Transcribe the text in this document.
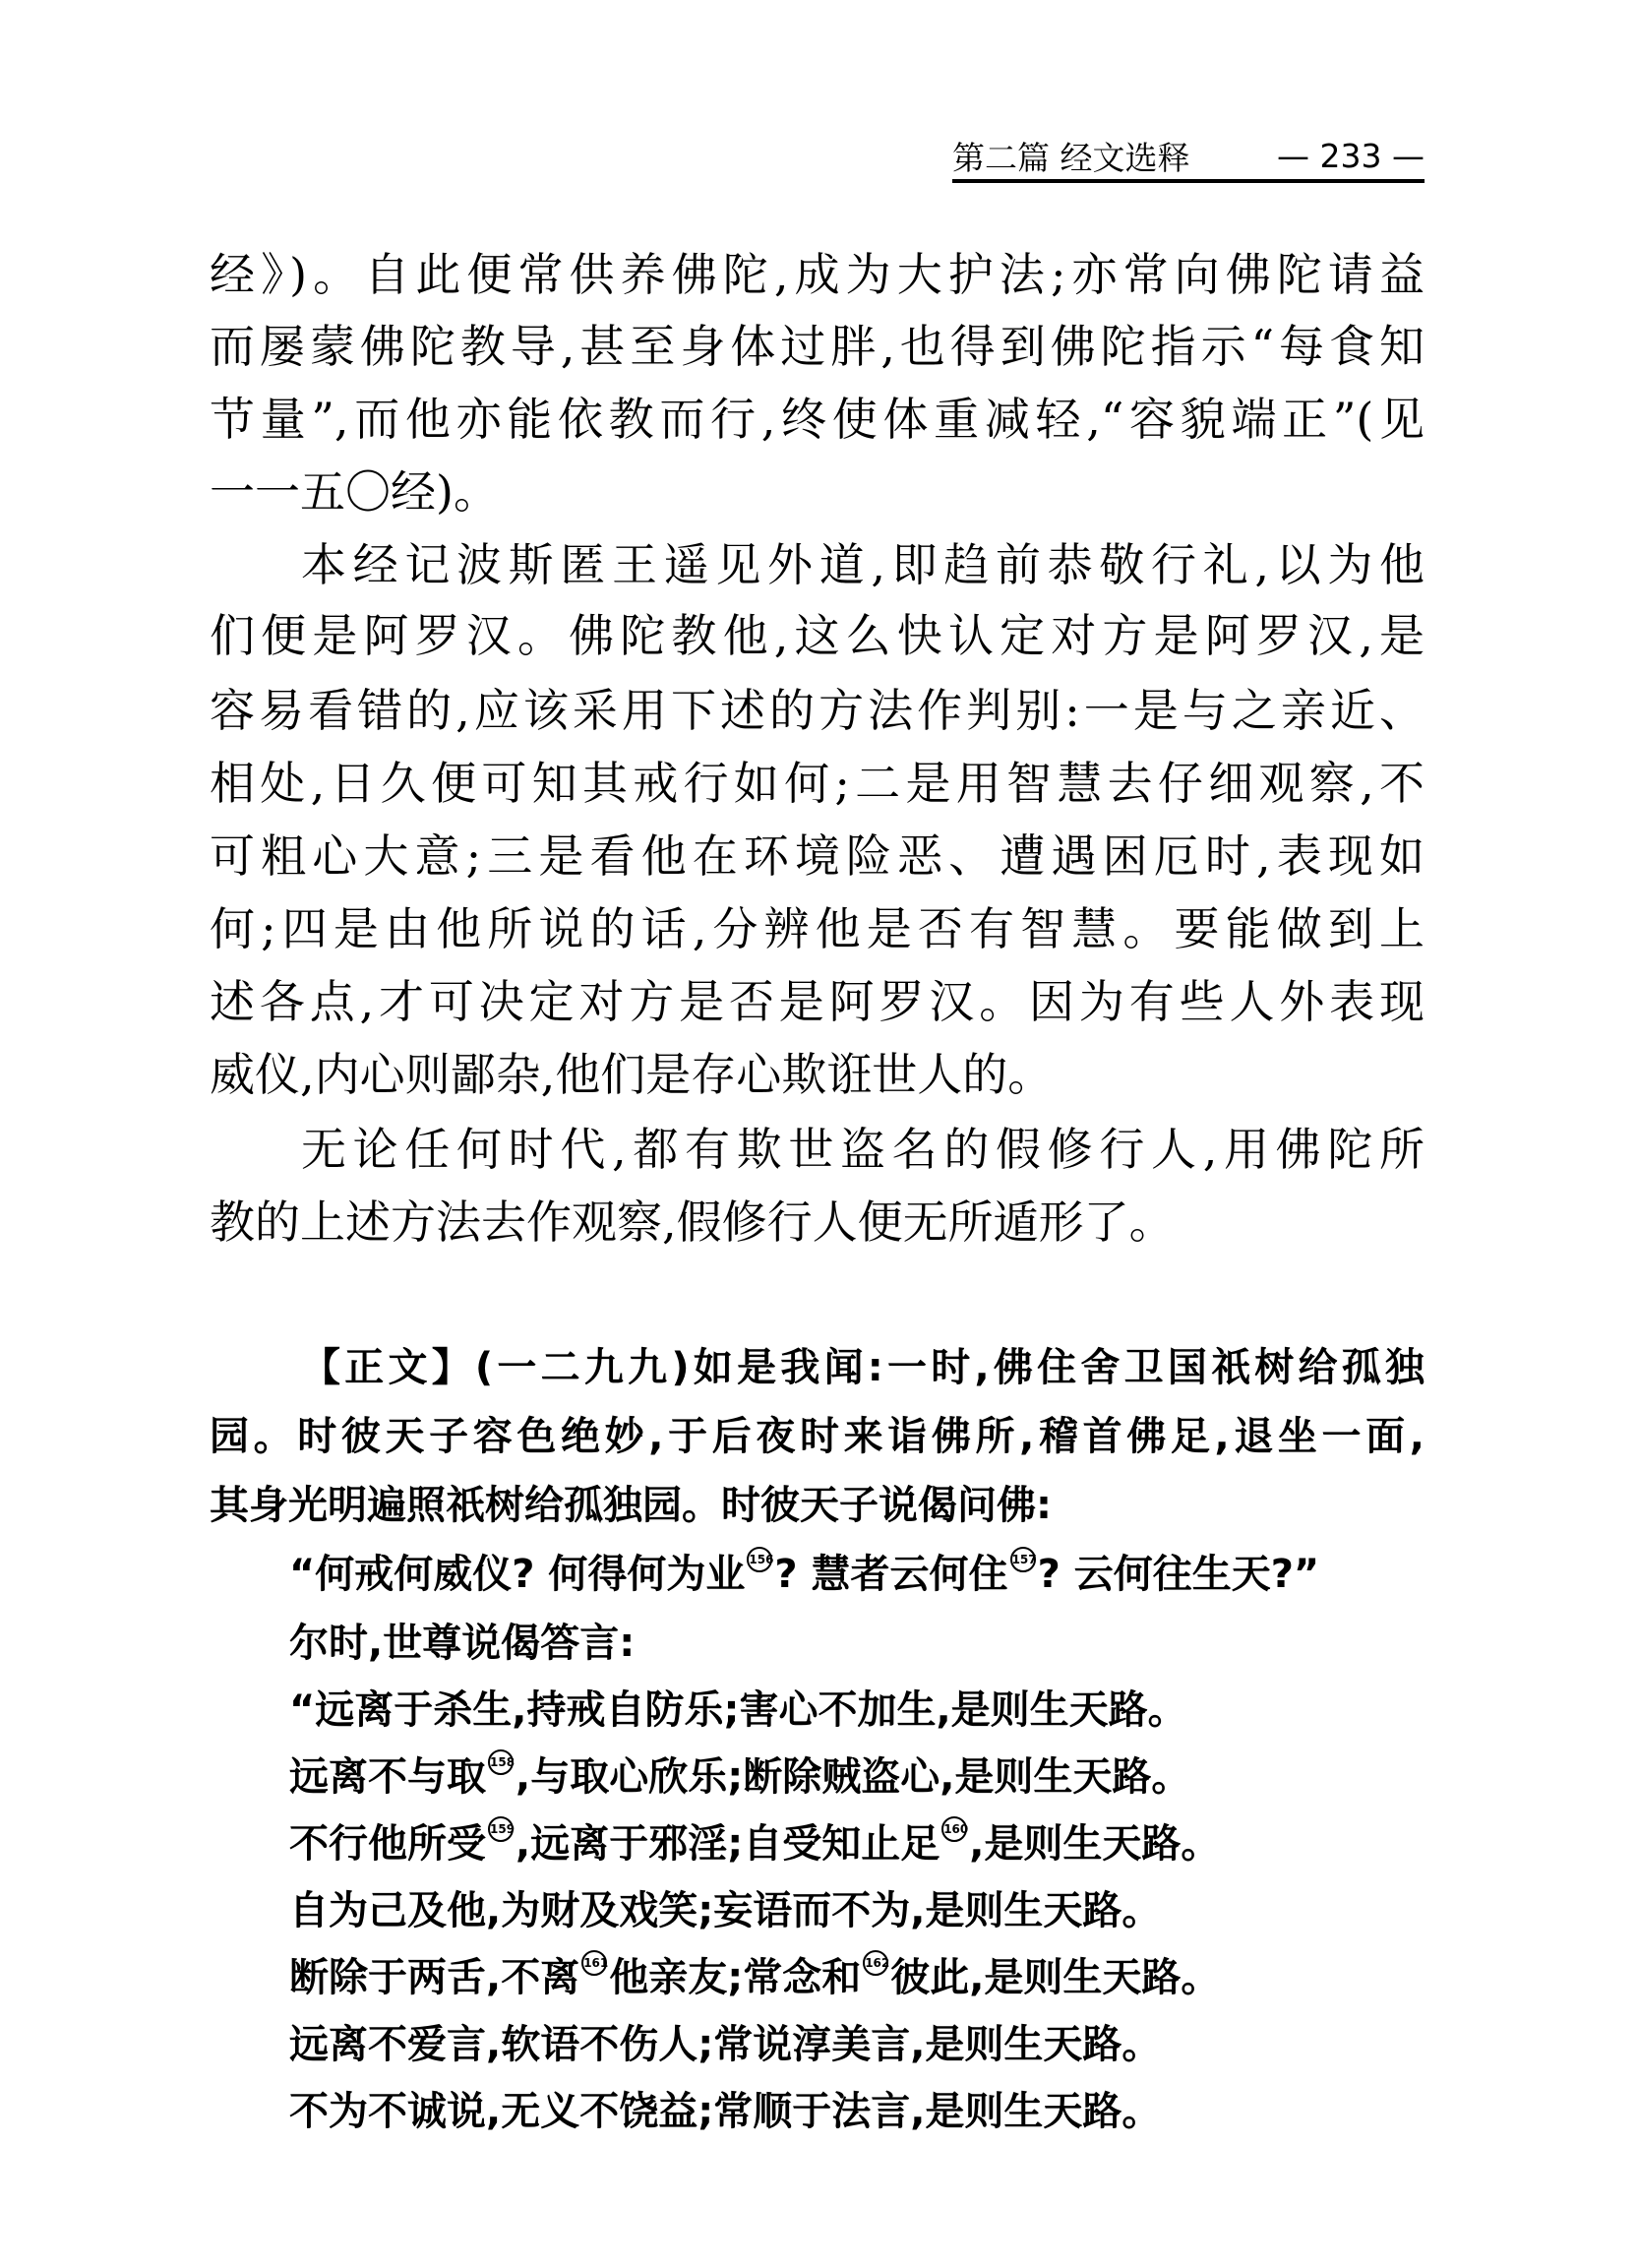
第二篇 经文选释	— 233 —
经》)。自此便常供养佛陀,成为大护法;亦常向佛陀请益
而屡蒙佛陀教导,甚至身体过胖,也得到佛陀指示“每食知
节量”,而他亦能依教而行,终使体重减轻,“容貌端正”(见
一一五〇经)。
本经记波斯匿王遥见外道,即趋前恭敬行礼,以为他
们便是阿罗汉。佛陀教他,这么快认定对方是阿罗汉,是
容易看错的,应该采用下述的方法作判别:一是与之亲近、
相处,日久便可知其戒行如何;二是用智慧去仔细观察,不
可粗心大意;三是看他在环境险恶、遭遇困厄时,表现如
何;四是由他所说的话,分辨他是否有智慧。要能做到上
述各点,才可决定对方是否是阿罗汉。因为有些人外表现
威仪,内心则鄙杂,他们是存心欺诳世人的。
无论任何时代,都有欺世盗名的假修行人,用佛陀所
教的上述方法去作观察,假修行人便无所遁形了。
【正文】(一二九九)如是我闻:一时,佛住舍卫国祇树给孤独
园。时彼天子容色绝妙,于后夜时来诣佛所,稽首佛足,退坐一面,
其身光明遍照祇树给孤独园。时彼天子说偈问佛:
“何戒何威仪? 何得何为业 $^{156}$? 慧者云何住 $^{157}$? 云何往生天?”
尔时,世尊说偈答言:
“远离于杀生,持戒自防乐;害心不加生,是则生天路。
远离不与取 $^{158}$,与取心欣乐;断除贼盗心,是则生天路。
不行他所受 $^{159}$,远离于邪淫;自受知止足 $^{160}$,是则生天路。
自为己及他,为财及戏笑;妄语而不为,是则生天路。
断除于两舌,不离 $^{161}$他亲友;常念和 $^{162}$彼此,是则生天路。
远离不爱言,软语不伤人;常说淳美言,是则生天路。
不为不诚说,无义不饶益;常顺于法言,是则生天路。
